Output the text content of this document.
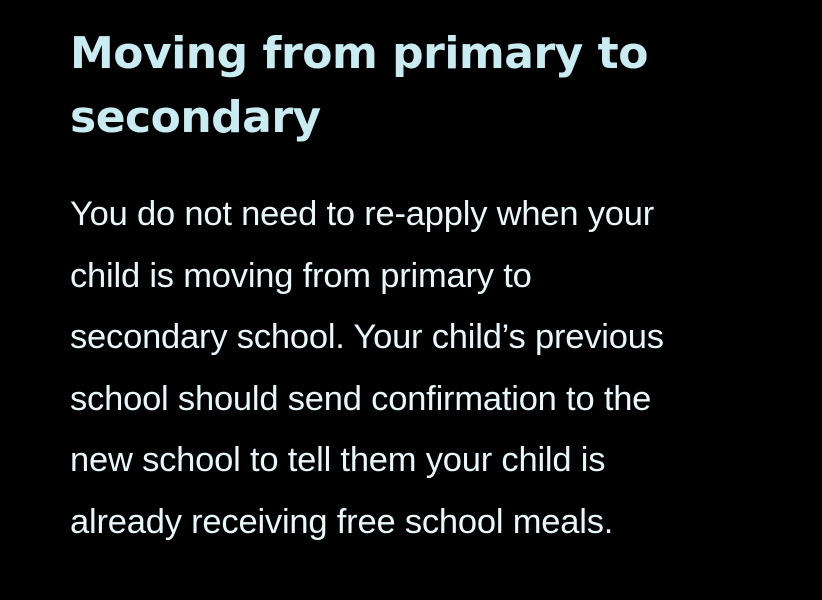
Moving from primary to
secondary

You do not need to re-apply when your
child is moving from primary to
secondary school. Your child’s previous
school should send confirmation to the
new school to tell them your child is
already receiving free school meals.
